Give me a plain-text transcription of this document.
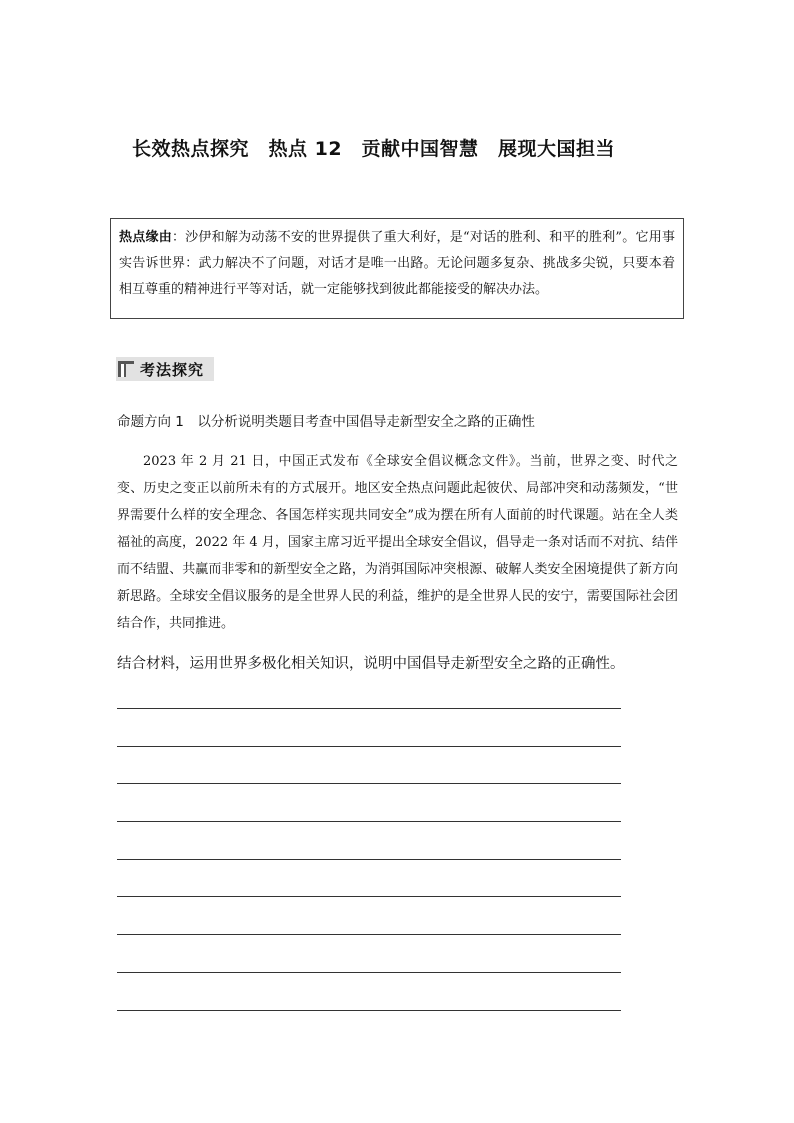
长效热点探究　热点 12　贡献中国智慧　展现大国担当
热点缘由：沙伊和解为动荡不安的世界提供了重大利好，是“对话的胜利、和平的胜利”。它用事实告诉世界：武力解决不了问题，对话才是唯一出路。无论问题多复杂、挑战多尖锐，只要本着相互尊重的精神进行平等对话，就一定能够找到彼此都能接受的解决办法。
考法探究
命题方向 1　以分析说明类题目考查中国倡导走新型安全之路的正确性

2023 年 2 月 21 日，中国正式发布《全球安全倡议概念文件》。当前，世界之变、时代之变、历史之变正以前所未有的方式展开。地区安全热点问题此起彼伏、局部冲突和动荡频发，“世界需要什么样的安全理念、各国怎样实现共同安全”成为摆在所有人面前的时代课题。站在全人类福祉的高度，2022 年 4 月，国家主席习近平提出全球安全倡议，倡导走一条对话而不对抗、结伴而不结盟、共赢而非零和的新型安全之路，为消弭国际冲突根源、破解人类安全困境提供了新方向新思路。全球安全倡议服务的是全世界人民的利益，维护的是全世界人民的安宁，需要国际社会团结合作，共同推进。

结合材料，运用世界多极化相关知识，说明中国倡导走新型安全之路的正确性。
